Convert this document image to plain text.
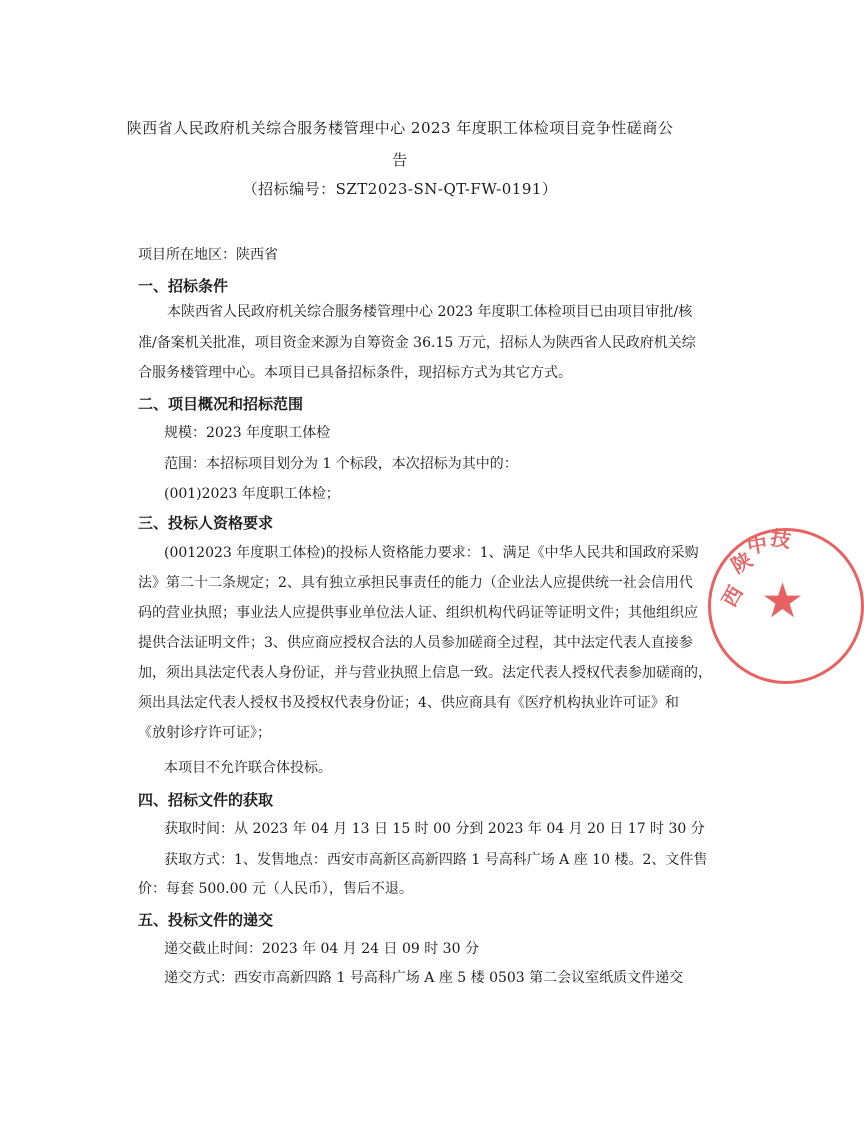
陕西省人民政府机关综合服务楼管理中心 2023 年度职工体检项目竞争性磋商公
告
（招标编号：SZT2023-SN-QT-FW-0191）
项目所在地区：陕西省
一、招标条件
本陕西省人民政府机关综合服务楼管理中心 2023 年度职工体检项目已由项目审批/核
准/备案机关批准，项目资金来源为自筹资金 36.15 万元，招标人为陕西省人民政府机关综
合服务楼管理中心。本项目已具备招标条件，现招标方式为其它方式。
二、项目概况和招标范围
规模：2023 年度职工体检
范围：本招标项目划分为 1 个标段，本次招标为其中的：
(001)2023 年度职工体检；
三、投标人资格要求
(0012023 年度职工体检)的投标人资格能力要求：1、满足《中华人民共和国政府采购
法》第二十二条规定；2、具有独立承担民事责任的能力（企业法人应提供统一社会信用代
码的营业执照；事业法人应提供事业单位法人证、组织机构代码证等证明文件；其他组织应
提供合法证明文件；3、供应商应授权合法的人员参加磋商全过程，其中法定代表人直接参
加，须出具法定代表人身份证，并与营业执照上信息一致。法定代表人授权代表参加磋商的，
须出具法定代表人授权书及授权代表身份证；4、供应商具有《医疗机构执业许可证》和
《放射诊疗许可证》；
本项目不允许联合体投标。
四、招标文件的获取
获取时间：从 2023 年 04 月 13 日 15 时 00 分到 2023 年 04 月 20 日 17 时 30 分
获取方式：1、发售地点：西安市高新区高新四路 1 号高科广场 A 座 10 楼。2、文件售
价：每套 500.00 元（人民币），售后不退。
五、投标文件的递交
递交截止时间：2023 年 04 月 24 日 09 时 30 分
递交方式：西安市高新四路 1 号高科广场 A 座 5 楼 0503 第二会议室纸质文件递交
★
陕
西
中 技
